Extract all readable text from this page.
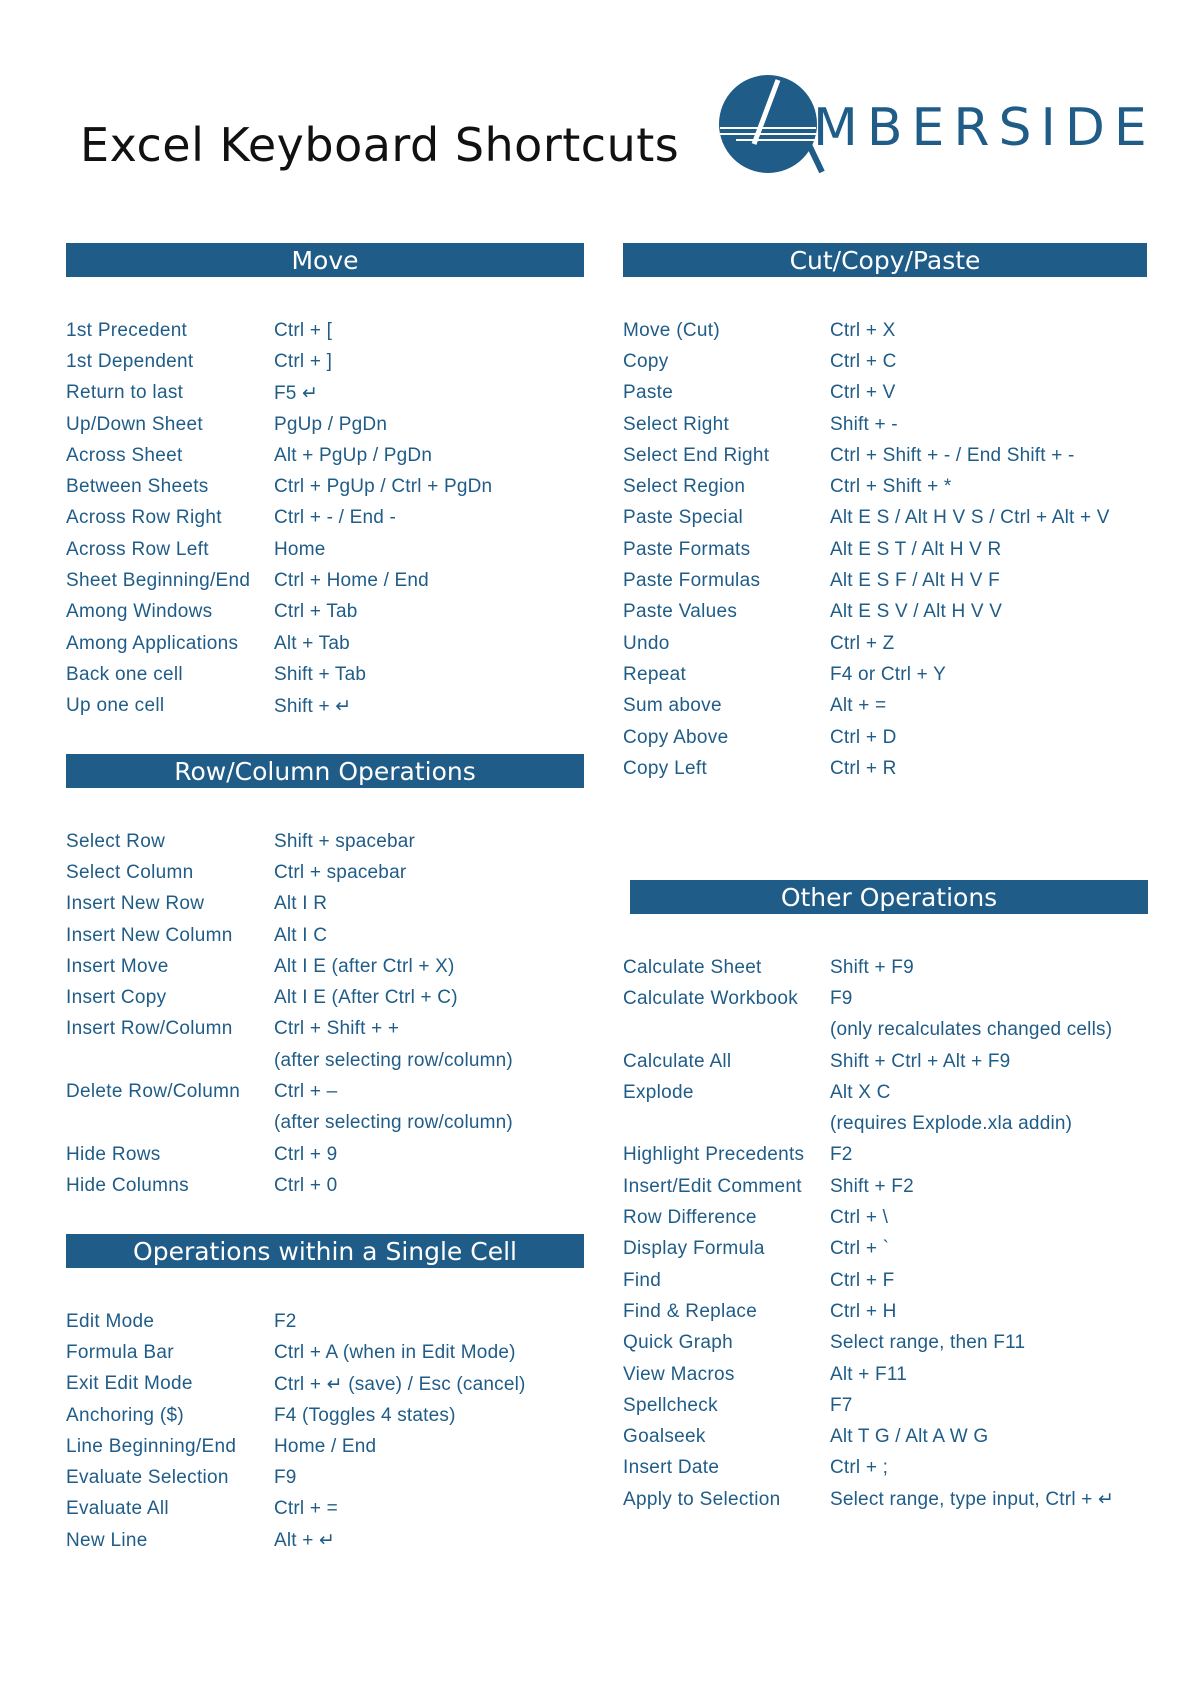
Excel Keyboard Shortcuts	MBERSIDE
Move
1st Precedent	Ctrl + [
1st Dependent	Ctrl + ]
Return to last	F5 ↵
Up/Down Sheet	PgUp / PgDn
Across Sheet	Alt + PgUp / PgDn
Between Sheets	Ctrl + PgUp / Ctrl + PgDn
Across Row Right	Ctrl + - / End -
Across Row Left	Home
Sheet Beginning/End	Ctrl + Home / End
Among Windows	Ctrl + Tab
Among Applications	Alt + Tab
Back one cell	Shift + Tab
Up one cell	Shift + ↵
Row/Column Operations
Select Row	Shift + spacebar
Select Column	Ctrl + spacebar
Insert New Row	Alt I R
Insert New Column	Alt I C
Insert Move	Alt I E (after Ctrl + X)
Insert Copy	Alt I E (After Ctrl + C)
Insert Row/Column	Ctrl + Shift + +
(after selecting row/column)
Delete Row/Column	Ctrl + –
(after selecting row/column)
Hide Rows	Ctrl + 9
Hide Columns	Ctrl + 0
Operations within a Single Cell
Edit Mode	F2
Formula Bar	Ctrl + A (when in Edit Mode)
Exit Edit Mode	Ctrl + ↵ (save) / Esc (cancel)
Anchoring ($)	F4 (Toggles 4 states)
Line Beginning/End	Home / End
Evaluate Selection	F9
Evaluate All	Ctrl + =
New Line	Alt + ↵
Cut/Copy/Paste
Move (Cut)	Ctrl + X
Copy	Ctrl + C
Paste	Ctrl + V
Select Right	Shift + -
Select End Right	Ctrl + Shift + - / End Shift + -
Select Region	Ctrl + Shift + *
Paste Special	Alt E S / Alt H V S / Ctrl + Alt + V
Paste Formats	Alt E S T / Alt H V R
Paste Formulas	Alt E S F / Alt H V F
Paste Values	Alt E S V / Alt H V V
Undo	Ctrl + Z
Repeat	F4 or Ctrl + Y
Sum above	Alt + =
Copy Above	Ctrl + D
Copy Left	Ctrl + R
Other Operations
Calculate Sheet	Shift + F9
Calculate Workbook	F9
(only recalculates changed cells)
Calculate All	Shift + Ctrl + Alt + F9
Explode	Alt X C
(requires Explode.xla addin)
Highlight Precedents	F2
Insert/Edit Comment	Shift + F2
Row Difference	Ctrl + \
Display Formula	Ctrl + `
Find	Ctrl + F
Find & Replace	Ctrl + H
Quick Graph	Select range, then F11
View Macros	Alt + F11
Spellcheck	F7
Goalseek	Alt T G / Alt A W G
Insert Date	Ctrl + ;
Apply to Selection	Select range, type input, Ctrl + ↵
